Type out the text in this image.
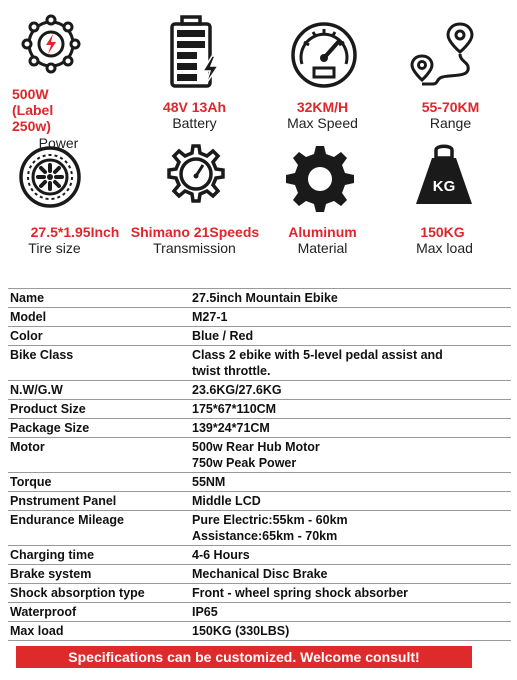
500W
(Label
250w)
Power
48V 13Ah
Battery
32KM/H
Max Speed
55-70KM
Range
27.5*1.95Inch
Tire size
Shimano 21Speeds
Transmission
Aluminum
Material
KG
150KG
Max load
Name	27.5inch Mountain Ebike

Model	M27-1

Color	Blue / Red

Bike Class	Class 2 ebike with 5-level pedal assist and
twist throttle.

N.W/G.W	23.6KG/27.6KG

Product Size	175*67*110CM

Package Size	139*24*71CM

Motor	500w Rear Hub Motor
750w Peak Power

Torque	55NM

Pnstrument Panel	Middle LCD

Endurance Mileage	Pure Electric:55km - 60km
Assistance:65km - 70km

Charging time	4-6 Hours

Brake system	Mechanical Disc Brake

Shock absorption type	Front - wheel spring shock absorber

Waterproof	IP65

Max load	150KG (330LBS)
Specifications can be customized. Welcome consult!
